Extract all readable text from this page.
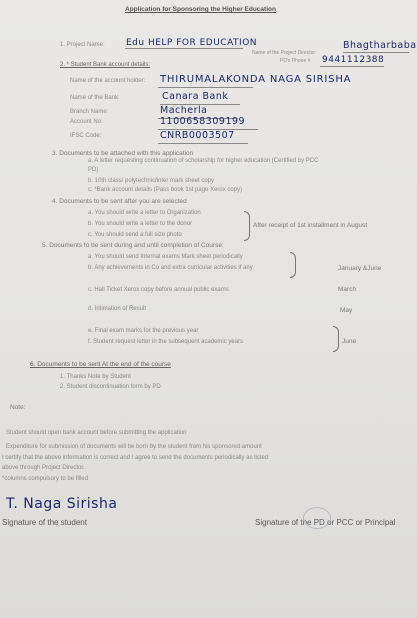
Application for Sponsoring the Higher Education
1. Project Name: Edu HELP FOR EDUCATION
Name of the Project Director:
Bhagtharbaba
PD's Phone # 9441112388
2. * Student Bank account details:
Name of the account holder: THIRUMALAKONDA NAGA SIRISHA
Name of the Bank:	Canara Bank
Branch Name:	Macherla
Account No:	1100658309199
IFSC Code:	CNRB0003507
3. Documents to be attached with this application
a. A letter requesting continuation of scholarship for higher education (Certified by PCC
PD)
b. 10th class/ polytechnic/inter mark sheet copy
c. *Bank account details (Pass book 1st page Xerox copy)
4. Documents to be sent after you are selected
a. You should write a letter to Organization
b. You should write a letter to the donor
c. You should send a full size photo
After receipt of 1st installment in August
5. Documents to be sent during and until completion of Course:
a. You should send Internal exams Mark sheet periodically
b. Any achievements in Co and extra curricular activities if any	January &June
c. Hall Ticket Xerox copy before annual public exams	March
d. Intimation of Result	May
e. Final exam marks for the previous year
f. Student request letter in the subsequent academic years	June
6. Documents to be sent At the end of the course
1. Thanks Note by Student
2. Student discontinuation form by PD
Note:
Student should open bank account before submitting the application
Expenditure for submission of documents will be born by the student from his sponsored amount
I certify that the above information is correct and I agree to send the documents periodically as listed
above through Project Director.
*columns compulsory to be filled
T. Naga Sirisha
Signature of the student	Signature of the PD or PCC or Principal
